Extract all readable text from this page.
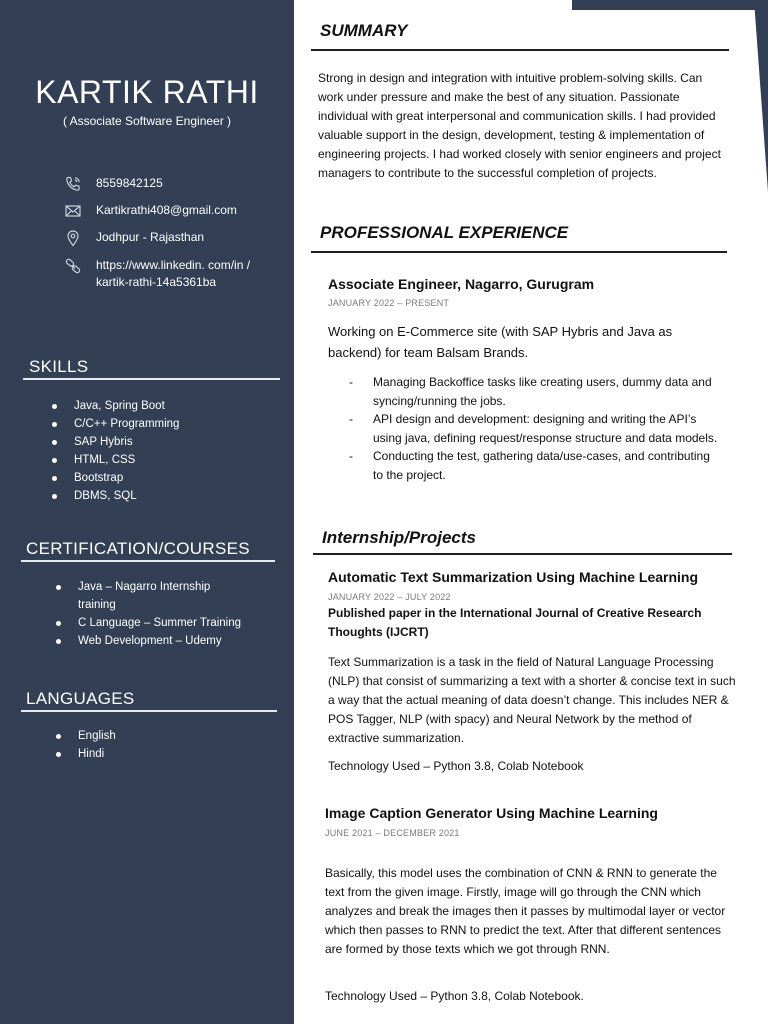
KARTIK RATHI
( Associate Software Engineer )
8559842125
Kartikrathi408@gmail.com
Jodhpur - Rajasthan
https://www.linkedin. com/in /kartik-rathi-14a5361ba
SKILLS
Java, Spring Boot
C/C++ Programming
SAP Hybris
HTML, CSS
Bootstrap
DBMS, SQL
CERTIFICATION/COURSES
Java – Nagarro Internship training
C Language – Summer Training
Web Development – Udemy
LANGUAGES
English
Hindi
SUMMARY
Strong in design and integration with intuitive problem-solving skills. Can work under pressure and make the best of any situation. Passionate individual with great interpersonal and communication skills. I had provided valuable support in the design, development, testing & implementation of engineering projects. I had worked closely with senior engineers and project managers to contribute to the successful completion of projects.
PROFESSIONAL EXPERIENCE
Associate Engineer, Nagarro, Gurugram
JANUARY 2022 – PRESENT
Working on E-Commerce site (with SAP Hybris and Java as backend) for team Balsam Brands.
- Managing Backoffice tasks like creating users, dummy data and syncing/running the jobs.
- API design and development: designing and writing the API’s using java, defining request/response structure and data models.
- Conducting the test, gathering data/use-cases, and contributing to the project.
Internship/Projects
Automatic Text Summarization Using Machine Learning
JANUARY 2022 – JULY 2022
Published paper in the International Journal of Creative Research Thoughts (IJCRT)
Text Summarization is a task in the field of Natural Language Processing (NLP) that consist of summarizing a text with a shorter & concise text in such a way that the actual meaning of data doesn’t change. This includes NER & POS Tagger, NLP (with spacy) and Neural Network by the method of extractive summarization.
Technology Used – Python 3.8, Colab Notebook
Image Caption Generator Using Machine Learning
JUNE 2021 – DECEMBER 2021
Basically, this model uses the combination of CNN & RNN to generate the text from the given image. Firstly, image will go through the CNN which analyzes and break the images then it passes by multimodal layer or vector which then passes to RNN to predict the text. After that different sentences are formed by those texts which we got through RNN.
Technology Used – Python 3.8, Colab Notebook.
